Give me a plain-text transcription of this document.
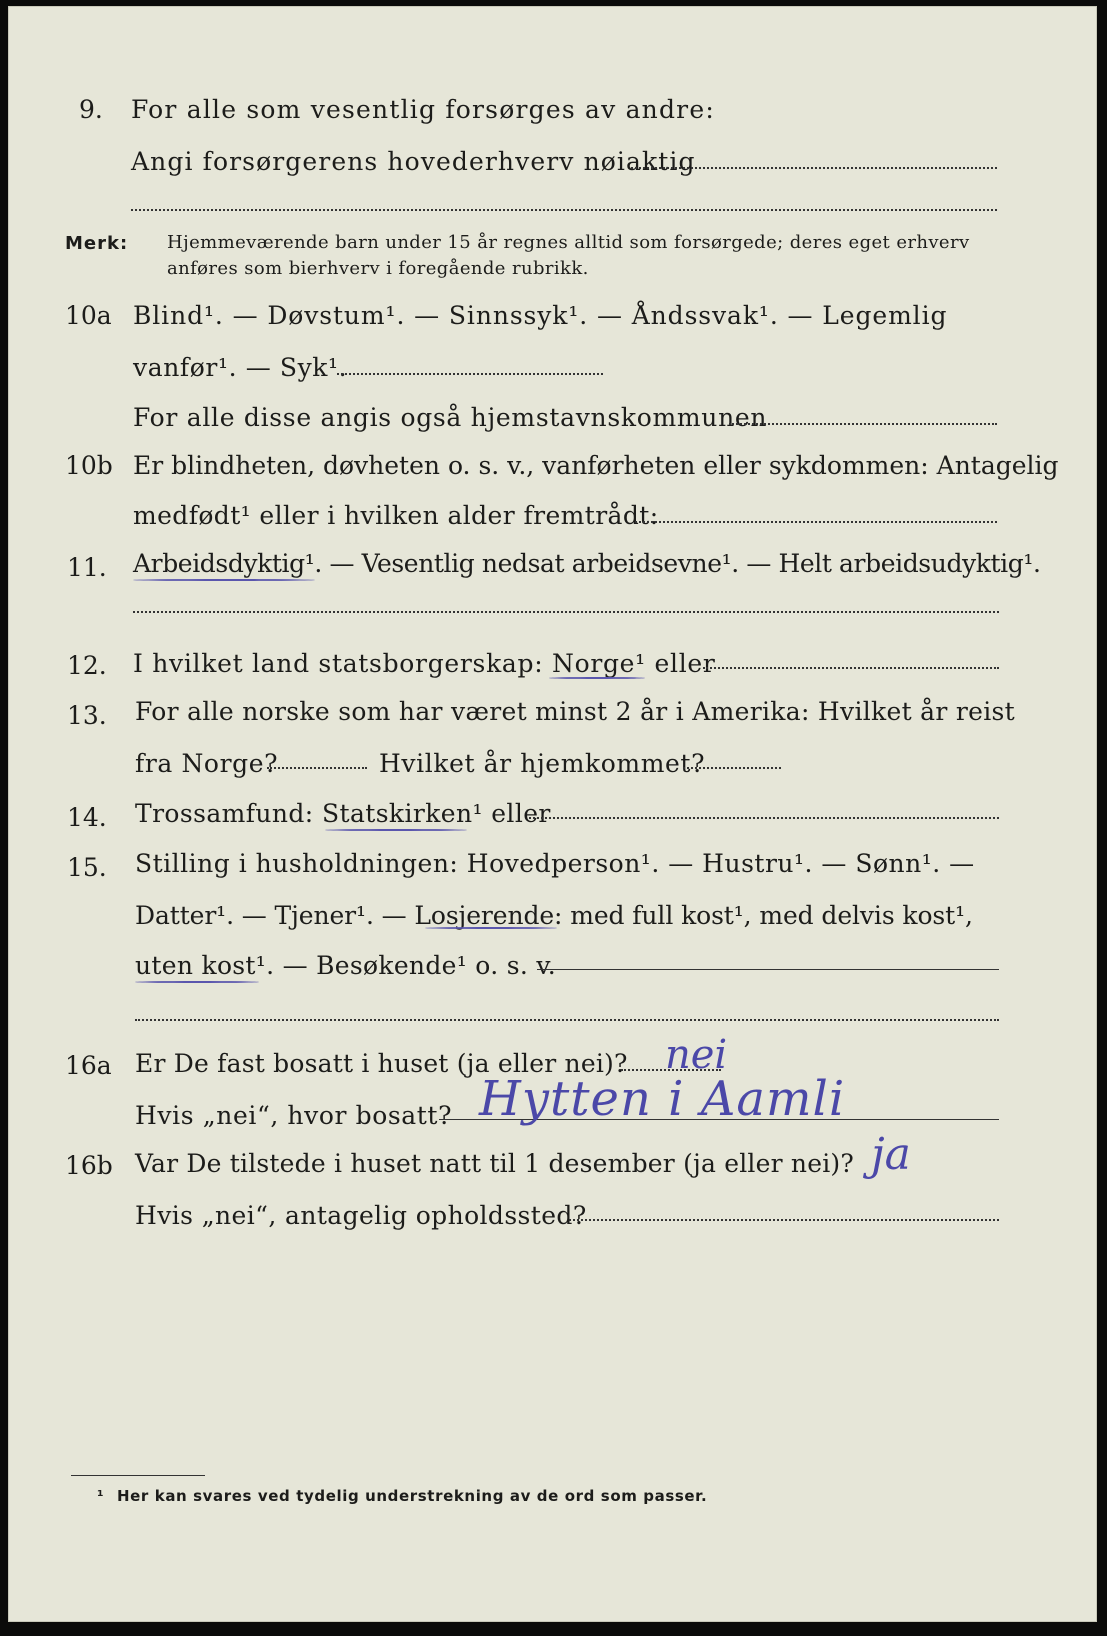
9. For alle som vesentlig forsørges av andre:
Angi forsørgerens hovederhverv nøiaktig
Merk: Hjemmeværende barn under 15 år regnes alltid som forsørgede; deres eget erhverv
anføres som bierhverv i foregående rubrikk.
10a Blind¹. — Døvstum¹. — Sinnssyk¹. — Åndssvak¹. — Legemlig
vanfør¹. — Syk¹.
For alle disse angis også hjemstavnskommunen
10b Er blindheten, døvheten o. s. v., vanførheten eller sykdommen: Antagelig
medfødt¹ eller i hvilken alder fremtrådt:
11. Arbeidsdyktig¹. — Vesentlig nedsat arbeidsevne¹. — Helt arbeidsudyktig¹.
12. I hvilket land statsborgerskap: Norge¹ eller
13. For alle norske som har været minst 2 år i Amerika: Hvilket år reist
fra Norge?	Hvilket år hjemkommet?
14. Trossamfund: Statskirken¹ eller
15. Stilling i husholdningen: Hovedperson¹. — Hustru¹. — Sønn¹. —
Datter¹. — Tjener¹. — Losjerende: med full kost¹, med delvis kost¹,
uten kost¹. — Besøkende¹ o. s. v.
16a Er De fast bosatt i huset (ja eller nei)? nei
Hvis „nei“, hvor bosatt? Hytten i Aamli
16b Var De tilstede i huset natt til 1 desember (ja eller nei)? ja
Hvis „nei“, antagelig opholdssted?
¹ Her kan svares ved tydelig understrekning av de ord som passer.
